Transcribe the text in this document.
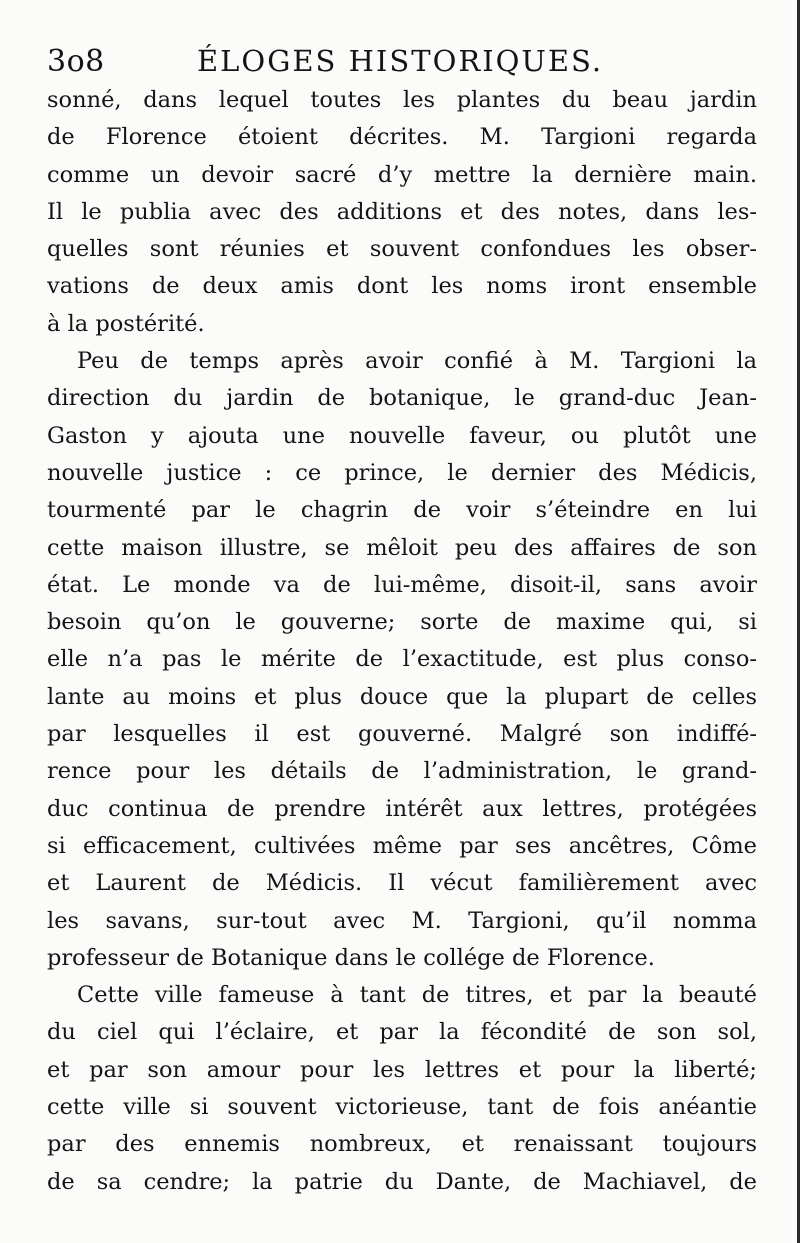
3o8	ÉLOGES HISTORIQUES.
sonné, dans lequel toutes les plantes du beau jardin
de Florence étoient décrites. M. Targioni regarda
comme un devoir sacré d’y mettre la dernière main.
Il le publia avec des additions et des notes, dans les-
quelles sont réunies et souvent confondues les obser-
vations de deux amis dont les noms iront ensemble
à la postérité.
Peu de temps après avoir confié à M. Targioni la
direction du jardin de botanique, le grand-duc Jean-
Gaston y ajouta une nouvelle faveur, ou plutôt une
nouvelle justice : ce prince, le dernier des Médicis,
tourmenté par le chagrin de voir s’éteindre en lui
cette maison illustre, se mêloit peu des affaires de son
état. Le monde va de lui-même, disoit-il, sans avoir
besoin qu’on le gouverne; sorte de maxime qui, si
elle n’a pas le mérite de l’exactitude, est plus conso-
lante au moins et plus douce que la plupart de celles
par lesquelles il est gouverné. Malgré son indiffé-
rence pour les détails de l’administration, le grand-
duc continua de prendre intérêt aux lettres, protégées
si efficacement, cultivées même par ses ancêtres, Côme
et Laurent de Médicis. Il vécut familièrement avec
les savans, sur-tout avec M. Targioni, qu’il nomma
professeur de Botanique dans le collége de Florence.
Cette ville fameuse à tant de titres, et par la beauté
du ciel qui l’éclaire, et par la fécondité de son sol,
et par son amour pour les lettres et pour la liberté;
cette ville si souvent victorieuse, tant de fois anéantie
par des ennemis nombreux, et renaissant toujours
de sa cendre; la patrie du Dante, de Machiavel, de
